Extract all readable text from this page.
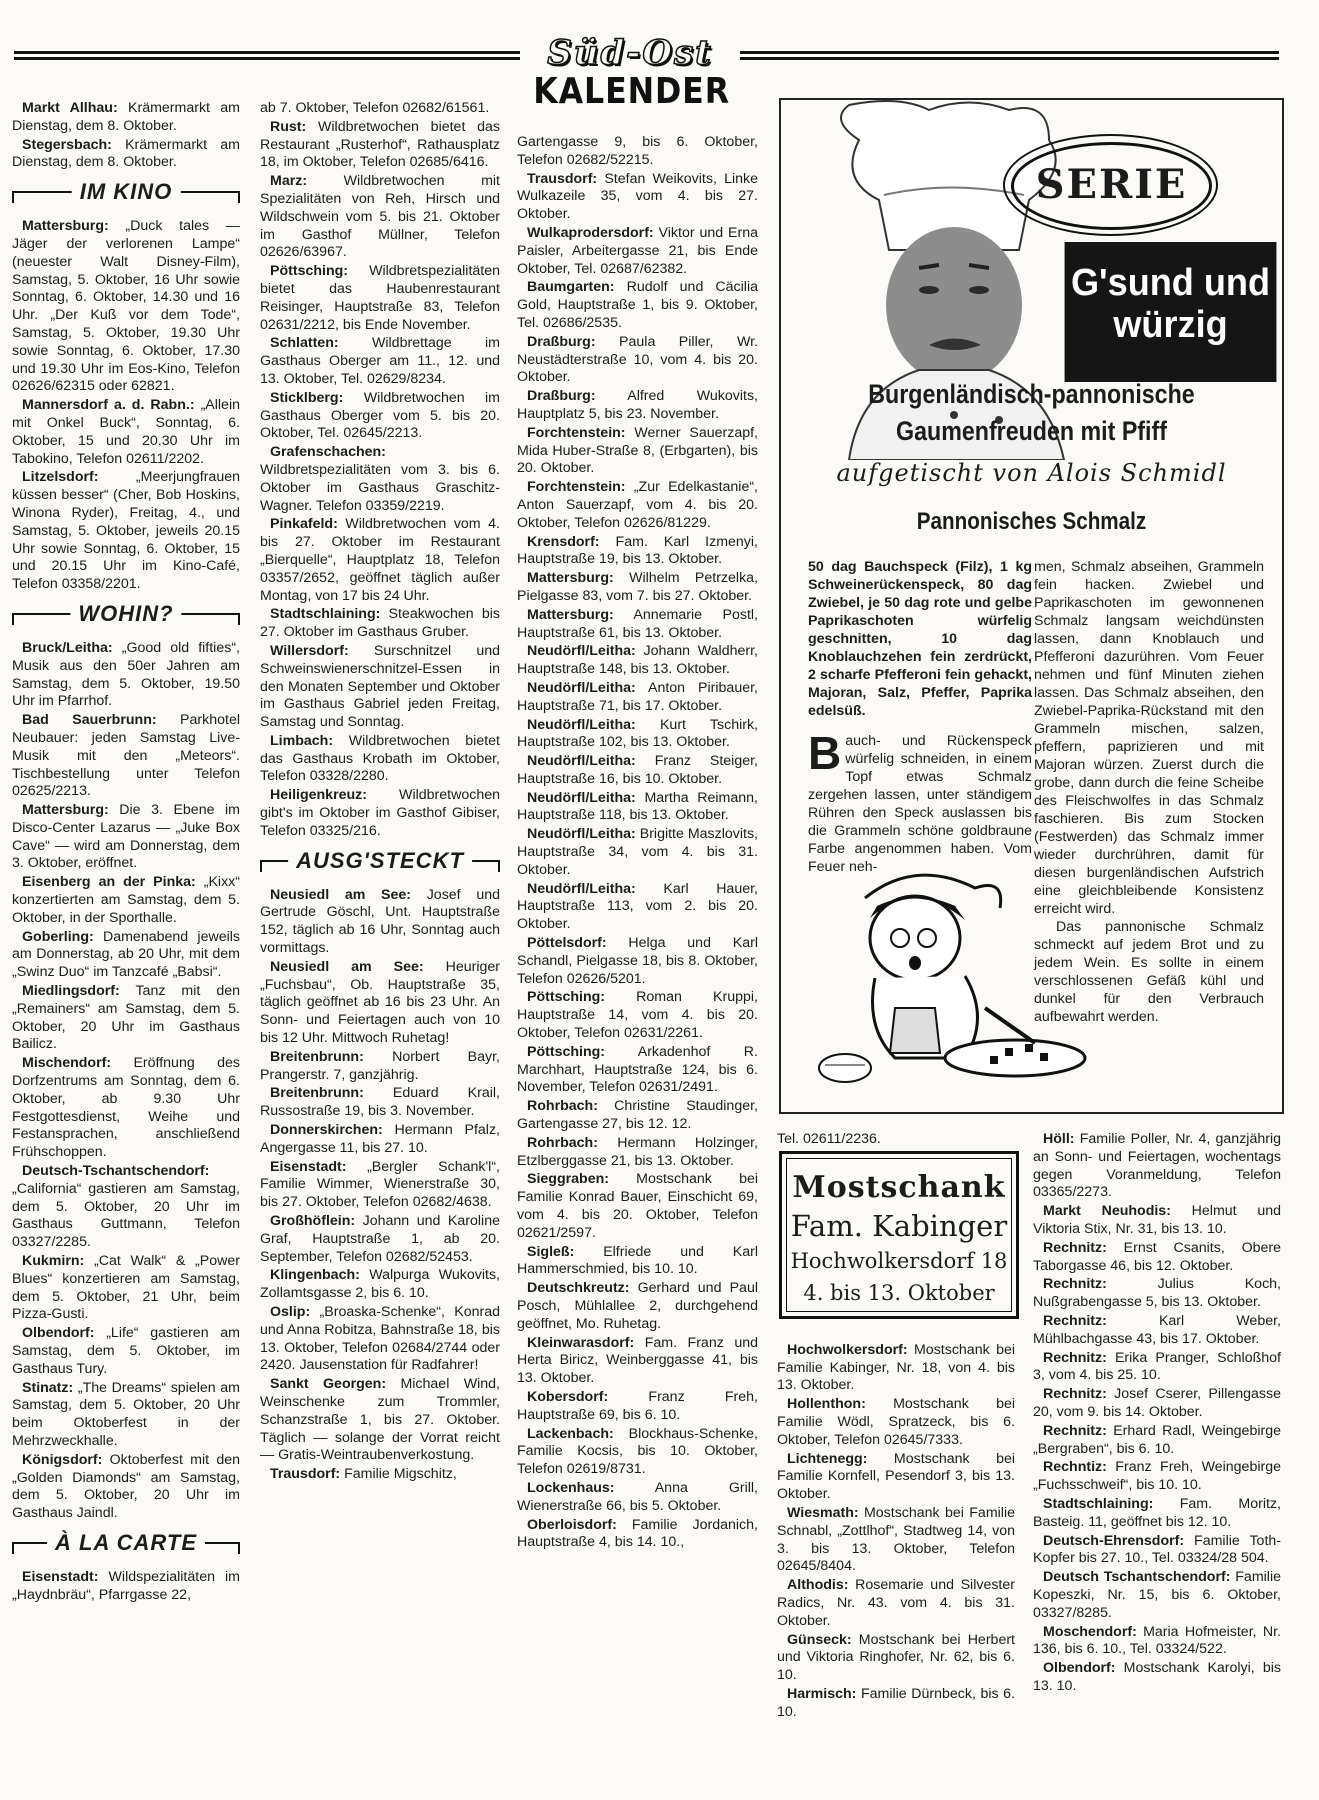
Süd-Ost
KALENDER

Markt Allhau: Krämermarkt am Dienstag, dem 8. Oktober.

Stegersbach: Krämermarkt am Dienstag, dem 8. Oktober.

IM KINO

Mattersburg: „Duck tales — Jäger der verlorenen Lampe“ (neuester Walt Disney-Film), Samstag, 5. Oktober, 16 Uhr sowie Sonntag, 6. Oktober, 14.30 und 16 Uhr. „Der Kuß vor dem Tode“, Samstag, 5. Oktober, 19.30 Uhr sowie Sonntag, 6. Oktober, 17.30 und 19.30 Uhr im Eos-Kino, Telefon 02626/62315 oder 62821.

Mannersdorf a. d. Rabn.: „Allein mit Onkel Buck“, Sonntag, 6. Oktober, 15 und 20.30 Uhr im Tabokino, Telefon 02611/2202.

Litzelsdorf: „Meerjungfrauen küssen besser“ (Cher, Bob Hoskins, Winona Ryder), Freitag, 4., und Samstag, 5. Oktober, jeweils 20.15 Uhr sowie Sonntag, 6. Oktober, 15 und 20.15 Uhr im Kino-Café, Telefon 03358/2201.

WOHIN?

Bruck/Leitha: „Good old fifties“, Musik aus den 50er Jahren am Samstag, dem 5. Oktober, 19.50 Uhr im Pfarrhof.

Bad Sauerbrunn: Parkhotel Neubauer: jeden Samstag Live-Musik mit den „Meteors“. Tischbestellung unter Telefon 02625/2213.

Mattersburg: Die 3. Ebene im Disco-Center Lazarus — „Juke Box Cave“ — wird am Donnerstag, dem 3. Oktober, eröffnet.

Eisenberg an der Pinka: „Kixx“ konzertierten am Samstag, dem 5. Oktober, in der Sporthalle.

Goberling: Damenabend jeweils am Donnerstag, ab 20 Uhr, mit dem „Swinz Duo“ im Tanzcafé „Babsi“.

Miedlingsdorf: Tanz mit den „Remainers“ am Samstag, dem 5. Oktober, 20 Uhr im Gasthaus Bailicz.

Mischendorf: Eröffnung des Dorfzentrums am Sonntag, dem 6. Oktober, ab 9.30 Uhr Festgottesdienst, Weihe und Festansprachen, anschließend Frühschoppen.

Deutsch-Tschantschendorf: „California“ gastieren am Samstag, dem 5. Oktober, 20 Uhr im Gasthaus Guttmann, Telefon 03327/2285.

Kukmirn: „Cat Walk“ & „Power Blues“ konzertieren am Samstag, dem 5. Oktober, 21 Uhr, beim Pizza-Gusti.

Olbendorf: „Life“ gastieren am Samstag, dem 5. Oktober, im Gasthaus Tury.

Stinatz: „The Dreams“ spielen am Samstag, dem 5. Oktober, 20 Uhr beim Oktoberfest in der Mehrzweckhalle.

Königsdorf: Oktoberfest mit den „Golden Diamonds“ am Samstag, dem 5. Oktober, 20 Uhr im Gasthaus Jaindl.

À LA CARTE

Eisenstadt: Wildspezialitäten im „Haydnbräu“, Pfarrgasse 22,

ab 7. Oktober, Telefon 02682/61561.

Rust: Wildbretwochen bietet das Restaurant „Rusterhof“, Rathausplatz 18, im Oktober, Telefon 02685/6416.

Marz: Wildbretwochen mit Spezialitäten von Reh, Hirsch und Wildschwein vom 5. bis 21. Oktober im Gasthof Müllner, Telefon 02626/63967.

Pöttsching: Wildbretspezialitäten bietet das Haubenrestaurant Reisinger, Hauptstraße 83, Telefon 02631/2212, bis Ende November.

Schlatten: Wildbrettage im Gasthaus Oberger am 11., 12. und 13. Oktober, Tel. 02629/8234.

Sticklberg: Wildbretwochen im Gasthaus Oberger vom 5. bis 20. Oktober, Tel. 02645/2213.

Grafenschachen: Wildbretspezialitäten vom 3. bis 6. Oktober im Gasthaus Graschitz-Wagner. Telefon 03359/2219.

Pinkafeld: Wildbretwochen vom 4. bis 27. Oktober im Restaurant „Bierquelle“, Hauptplatz 18, Telefon 03357/2652, geöffnet täglich außer Montag, von 17 bis 24 Uhr.

Stadtschlaining: Steakwochen bis 27. Oktober im Gasthaus Gruber.

Willersdorf: Surschnitzel und Schweinswienerschnitzel-Essen in den Monaten September und Oktober im Gasthaus Gabriel jeden Freitag, Samstag und Sonntag.

Limbach: Wildbretwochen bietet das Gasthaus Krobath im Oktober, Telefon 03328/2280.

Heiligenkreuz: Wildbretwochen gibt's im Oktober im Gasthof Gibiser, Telefon 03325/216.

AUSG'STECKT

Neusiedl am See: Josef und Gertrude Göschl, Unt. Hauptstraße 152, täglich ab 16 Uhr, Sonntag auch vormittags.

Neusiedl am See: Heuriger „Fuchsbau“, Ob. Hauptstraße 35, täglich geöffnet ab 16 bis 23 Uhr. An Sonn- und Feiertagen auch von 10 bis 12 Uhr. Mittwoch Ruhetag!

Breitenbrunn: Norbert Bayr, Prangerstr. 7, ganzjährig.

Breitenbrunn: Eduard Krail, Russostraße 19, bis 3. November.

Donnerskirchen: Hermann Pfalz, Angergasse 11, bis 27. 10.

Eisenstadt: „Bergler Schank'l“, Familie Wimmer, Wienerstraße 30, bis 27. Oktober, Telefon 02682/4638.

Großhöflein: Johann und Karoline Graf, Hauptstraße 1, ab 20. September, Telefon 02682/52453.

Klingenbach: Walpurga Wukovits, Zollamtsgasse 2, bis 6. 10.

Oslip: „Broaska-Schenke“, Konrad und Anna Robitza, Bahnstraße 18, bis 13. Oktober, Telefon 02684/2744 oder 2420. Jausenstation für Radfahrer!

Sankt Georgen: Michael Wind, Weinschenke zum Trommler, Schanzstraße 1, bis 27. Oktober. Täglich — solange der Vorrat reicht — Gratis-Weintraubenverkostung.

Trausdorf: Familie Migschitz,

Gartengasse 9, bis 6. Oktober, Telefon 02682/52215.

Trausdorf: Stefan Weikovits, Linke Wulkazeile 35, vom 4. bis 27. Oktober.

Wulkaprodersdorf: Viktor und Erna Paisler, Arbeitergasse 21, bis Ende Oktober, Tel. 02687/62382.

Baumgarten: Rudolf und Cäcilia Gold, Hauptstraße 1, bis 9. Oktober, Tel. 02686/2535.

Draßburg: Paula Piller, Wr. Neustädterstraße 10, vom 4. bis 20. Oktober.

Draßburg: Alfred Wukovits, Hauptplatz 5, bis 23. November.

Forchtenstein: Werner Sauerzapf, Mida Huber-Straße 8, (Erbgarten), bis 20. Oktober.

Forchtenstein: „Zur Edelkastanie“, Anton Sauerzapf, vom 4. bis 20. Oktober, Telefon 02626/81229.

Krensdorf: Fam. Karl Izmenyi, Hauptstraße 19, bis 13. Oktober.

Mattersburg: Wilhelm Petrzelka, Pielgasse 83, vom 7. bis 27. Oktober.

Mattersburg: Annemarie Postl, Hauptstraße 61, bis 13. Oktober.

Neudörfl/Leitha: Johann Waldherr, Hauptstraße 148, bis 13. Oktober.

Neudörfl/Leitha: Anton Piribauer, Hauptstraße 71, bis 17. Oktober.

Neudörfl/Leitha: Kurt Tschirk, Hauptstraße 102, bis 13. Oktober.

Neudörfl/Leitha: Franz Steiger, Hauptstraße 16, bis 10. Oktober.

Neudörfl/Leitha: Martha Reimann, Hauptstraße 118, bis 13. Oktober.

Neudörfl/Leitha: Brigitte Maszlovits, Hauptstraße 34, vom 4. bis 31. Oktober.

Neudörfl/Leitha: Karl Hauer, Hauptstraße 113, vom 2. bis 20. Oktober.

Pöttelsdorf: Helga und Karl Schandl, Pielgasse 18, bis 8. Oktober, Telefon 02626/5201.

Pöttsching: Roman Kruppi, Hauptstraße 14, vom 4. bis 20. Oktober, Telefon 02631/2261.

Pöttsching: Arkadenhof R. Marchhart, Hauptstraße 124, bis 6. November, Telefon 02631/2491.

Rohrbach: Christine Staudinger, Gartengasse 27, bis 12. 12.

Rohrbach: Hermann Holzinger, Etzlberggasse 21, bis 13. Oktober.

Sieggraben: Mostschank bei Familie Konrad Bauer, Einschicht 69, vom 4. bis 20. Oktober, Telefon 02621/2597.

Sigleß: Elfriede und Karl Hammerschmied, bis 10. 10.

Deutschkreutz: Gerhard und Paul Posch, Mühlallee 2, durchgehend geöffnet, Mo. Ruhetag.

Kleinwarasdorf: Fam. Franz und Herta Biricz, Weinberggasse 41, bis 13. Oktober.

Kobersdorf: Franz Freh, Hauptstraße 69, bis 6. 10.

Lackenbach: Blockhaus-Schenke, Familie Kocsis, bis 10. Oktober, Telefon 02619/8731.

Lockenhaus: Anna Grill, Wienerstraße 66, bis 5. Oktober.

Oberloisdorf: Familie Jordanich, Hauptstraße 4, bis 14. 10.,

SERIE
G'sund und würzig
Burgenländisch-pannonische Gaumenfreuden mit Pfiff
aufgetischt von Alois Schmidl
Pannonisches Schmalz

50 dag Bauchspeck (Filz), 1 kg Schweinerückenspeck, 80 dag Zwiebel, je 50 dag rote und gelbe Paprikaschoten würfelig geschnitten, 10 dag Knoblauchzehen fein zerdrückt, 2 scharfe Pfefferoni fein gehackt, Majoran, Salz, Pfeffer, Paprika edelsüß.

Bauch- und Rückenspeck würfelig schneiden, in einem Topf etwas Schmalz zergehen lassen, unter ständigem Rühren den Speck auslassen bis die Grammeln schöne goldbraune Farbe angenommen haben. Vom Feuer neh-

men, Schmalz abseihen, Grammeln fein hacken. Zwiebel und Paprikaschoten im gewonnenen Schmalz langsam weichdünsten lassen, dann Knoblauch und Pfefferoni dazurühren. Vom Feuer nehmen und fünf Minuten ziehen lassen. Das Schmalz abseihen, den Zwiebel-Paprika-Rückstand mit den Grammeln mischen, salzen, pfeffern, paprizieren und mit Majoran würzen. Zuerst durch die grobe, dann durch die feine Scheibe des Fleischwolfes in das Schmalz faschieren. Bis zum Stocken (Festwerden) das Schmalz immer wieder durchrühren, damit für diesen burgenländischen Aufstrich eine gleichbleibende Konsistenz erreicht wird.

Das pannonische Schmalz schmeckt auf jedem Brot und zu jedem Wein. Es sollte in einem verschlossenen Gefäß kühl und dunkel für den Verbrauch aufbewahrt werden.

Mostschank
Fam. Kabinger
Hochwolkersdorf 18
4. bis 13. Oktober

Tel. 02611/2236.

Hochwolkersdorf: Mostschank bei Familie Kabinger, Nr. 18, von 4. bis 13. Oktober.

Hollenthon: Mostschank bei Familie Wödl, Spratzeck, bis 6. Oktober, Telefon 02645/7333.

Lichtenegg: Mostschank bei Familie Kornfell, Pesendorf 3, bis 13. Oktober.

Wiesmath: Mostschank bei Familie Schnabl, „Zottlhof“, Stadtweg 14, von 3. bis 13. Oktober, Telefon 02645/8404.

Althodis: Rosemarie und Silvester Radics, Nr. 43. vom 4. bis 31. Oktober.

Günseck: Mostschank bei Herbert und Viktoria Ringhofer, Nr. 62, bis 6. 10.

Harmisch: Familie Dürnbeck, bis 6. 10.

Höll: Familie Poller, Nr. 4, ganzjährig an Sonn- und Feiertagen, wochentags gegen Voranmeldung, Telefon 03365/2273.

Markt Neuhodis: Helmut und Viktoria Stix, Nr. 31, bis 13. 10.

Rechnitz: Ernst Csanits, Obere Taborgasse 46, bis 12. Oktober.

Rechnitz: Julius Koch, Nußgrabengasse 5, bis 13. Oktober.

Rechnitz: Karl Weber, Mühlbachgasse 43, bis 17. Oktober.

Rechnitz: Erika Pranger, Schloßhof 3, vom 4. bis 25. 10.

Rechnitz: Josef Cserer, Pillengasse 20, vom 9. bis 14. Oktober.

Rechnitz: Erhard Radl, Weingebirge „Bergraben“, bis 6. 10.

Rechntiz: Franz Freh, Weingebirge „Fuchsschweif“, bis 10. 10.

Stadtschlaining: Fam. Moritz, Basteig. 11, geöffnet bis 12. 10.

Deutsch-Ehrensdorf: Familie Toth-Kopfer bis 27. 10., Tel. 03324/28 504.

Deutsch Tschantschendorf: Familie Kopeszki, Nr. 15, bis 6. Oktober, 03327/8285.

Moschendorf: Maria Hofmeister, Nr. 136, bis 6. 10., Tel. 03324/522.

Olbendorf: Mostschank Karolyi, bis 13. 10.
